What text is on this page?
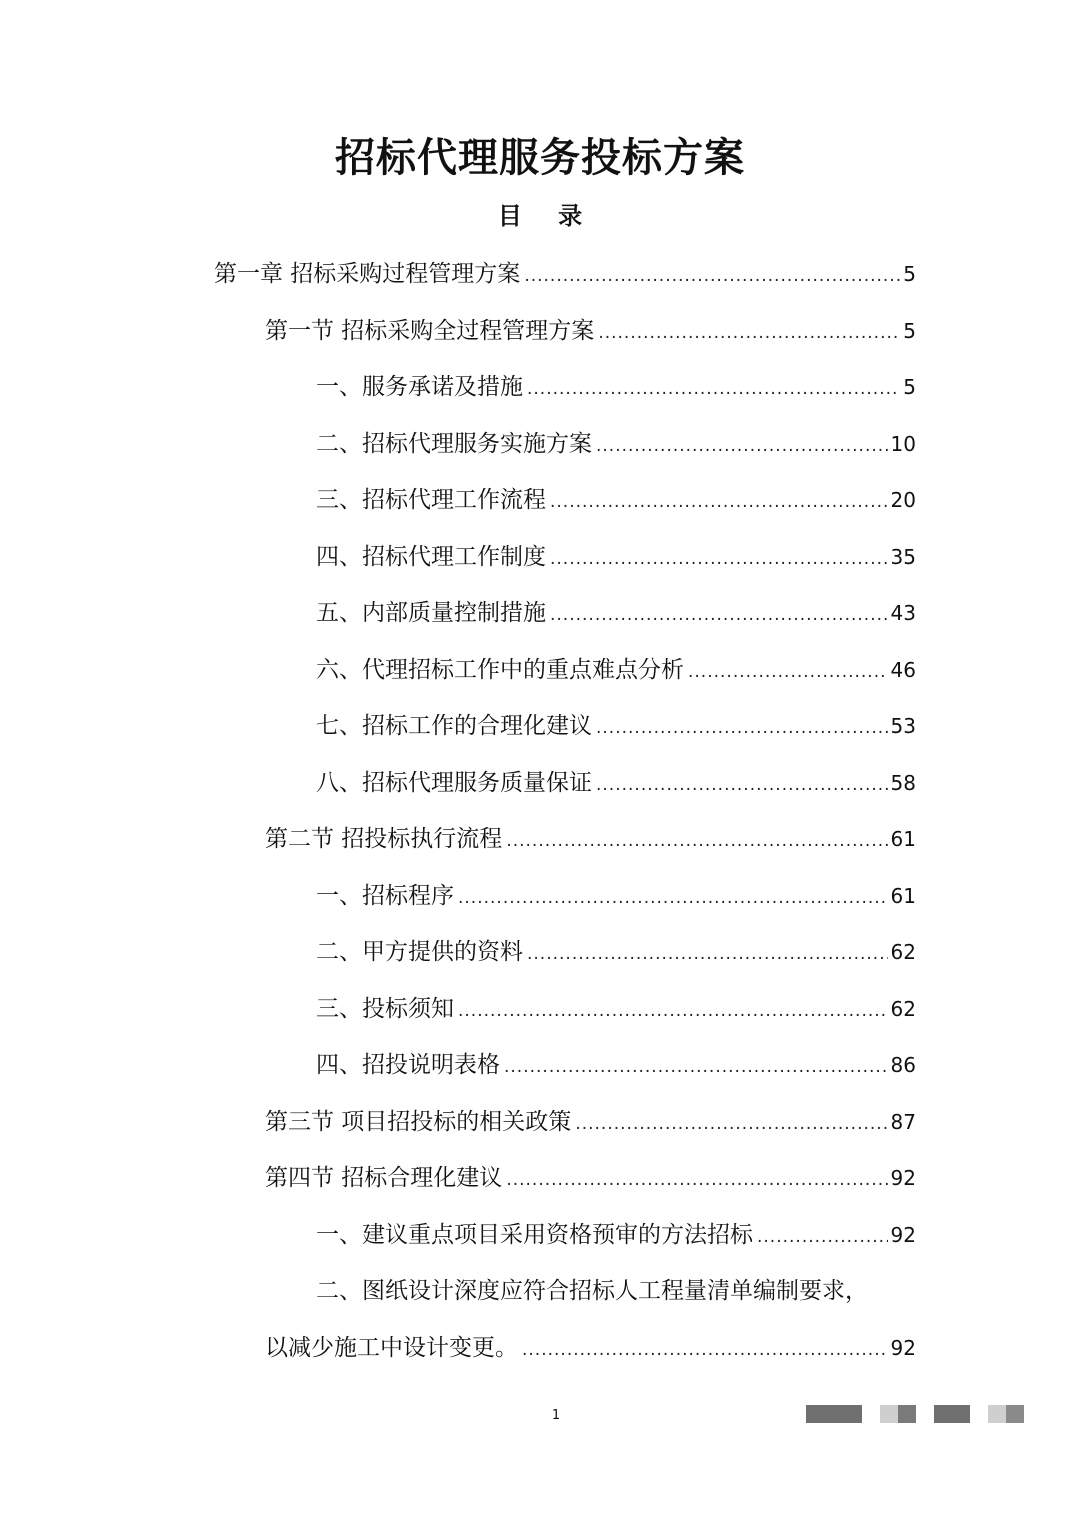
招标代理服务投标方案
目 录
第一章 招标采购过程管理方案 .....	5
第一节 招标采购全过程管理方案 .....	5
一、服务承诺及措施 .....	5
二、招标代理服务实施方案 .....	10
三、招标代理工作流程 .....	20
四、招标代理工作制度 .....	35
五、内部质量控制措施 .....	43
六、代理招标工作中的重点难点分析 .....	46
七、招标工作的合理化建议 .....	53
八、招标代理服务质量保证 .....	58
第二节 招投标执行流程 .....	61
一、招标程序 .....	61
二、甲方提供的资料 .....	62
三、投标须知 .....	62
四、招投说明表格 .....	86
第三节 项目招投标的相关政策 .....	87
第四节 招标合理化建议 .....	92
一、建议重点项目采用资格预审的方法招标 .....	92
二、图纸设计深度应符合招标人工程量清单编制要求，
以减少施工中设计变更。 .....	92
1
